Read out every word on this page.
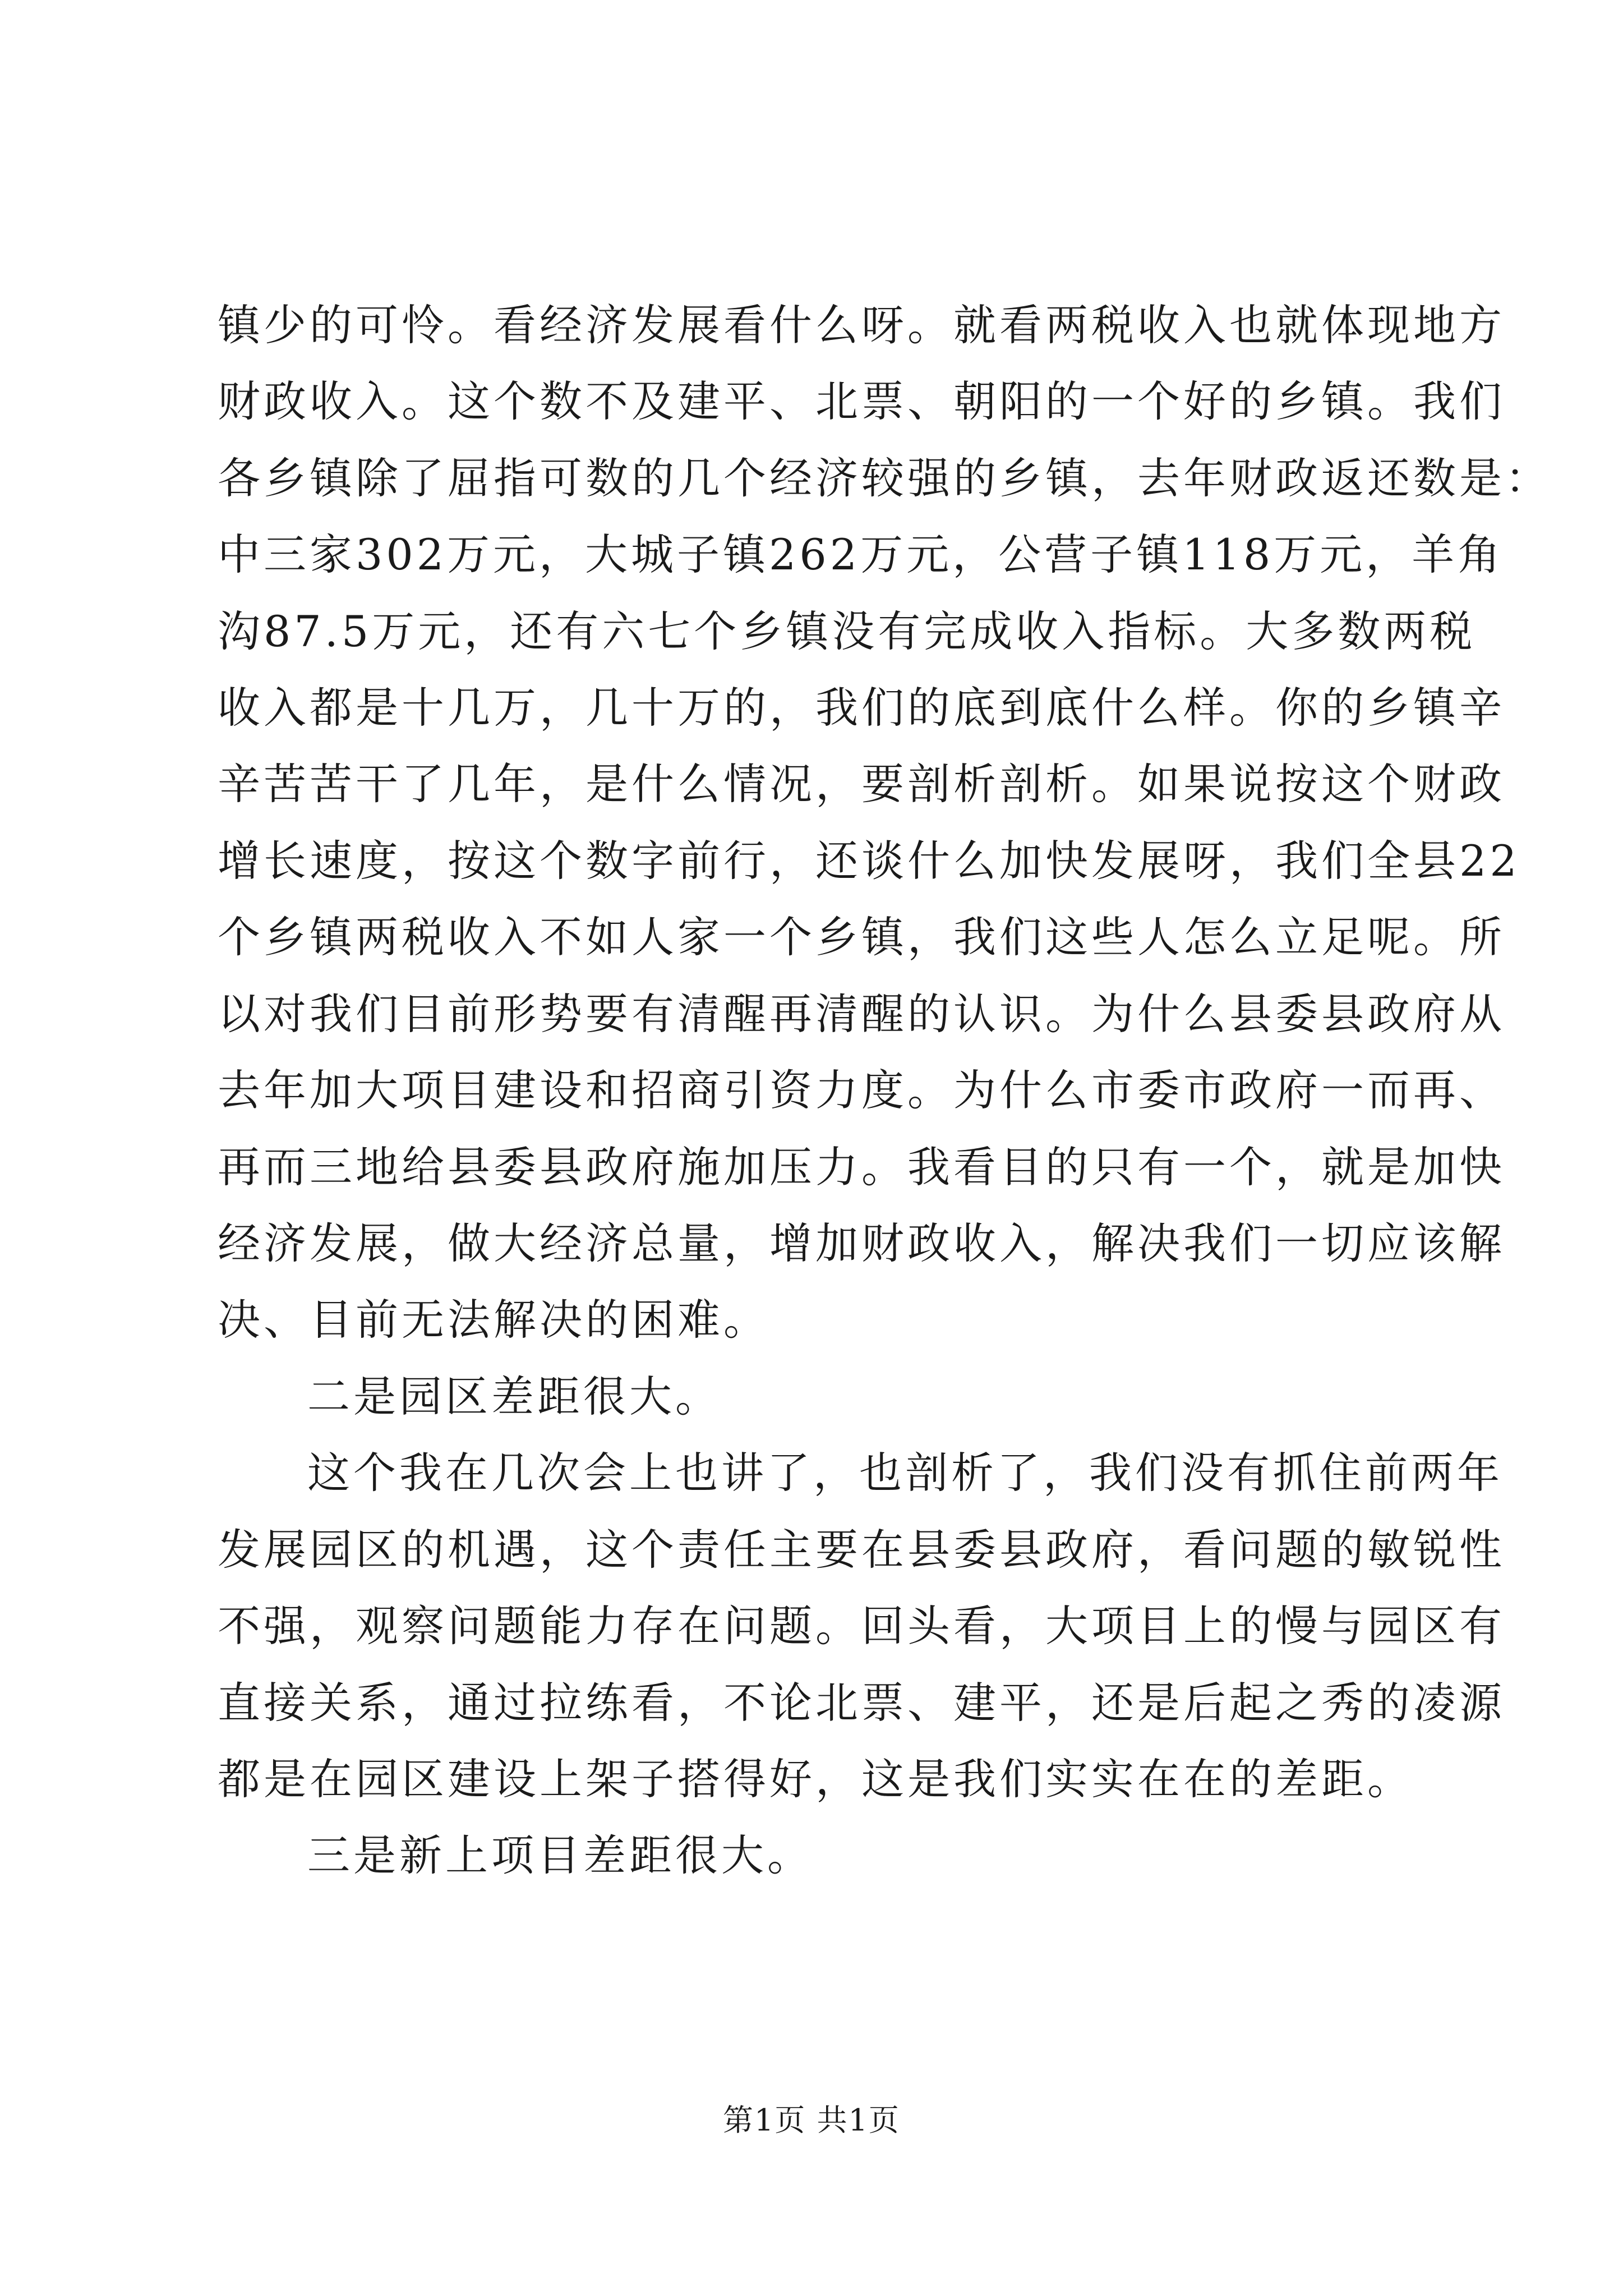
镇少的可怜。看经济发展看什么呀。就看两税收入也就体现地方
财政收入。这个数不及建平、北票、朝阳的一个好的乡镇。我们
各乡镇除了屈指可数的几个经济较强的乡镇，去年财政返还数是：
中三家302万元，大城子镇262万元，公营子镇118万元，羊角
沟87.5万元，还有六七个乡镇没有完成收入指标。大多数两税
收入都是十几万，几十万的，我们的底到底什么样。你的乡镇辛
辛苦苦干了几年，是什么情况，要剖析剖析。如果说按这个财政
增长速度，按这个数字前行，还谈什么加快发展呀，我们全县22
个乡镇两税收入不如人家一个乡镇，我们这些人怎么立足呢。所
以对我们目前形势要有清醒再清醒的认识。为什么县委县政府从
去年加大项目建设和招商引资力度。为什么市委市政府一而再、
再而三地给县委县政府施加压力。我看目的只有一个，就是加快
经济发展，做大经济总量，增加财政收入，解决我们一切应该解
决、目前无法解决的困难。
二是园区差距很大。
这个我在几次会上也讲了，也剖析了，我们没有抓住前两年
发展园区的机遇，这个责任主要在县委县政府，看问题的敏锐性
不强，观察问题能力存在问题。回头看，大项目上的慢与园区有
直接关系，通过拉练看，不论北票、建平，还是后起之秀的凌源
都是在园区建设上架子搭得好，这是我们实实在在的差距。
三是新上项目差距很大。
第1页 共1页
